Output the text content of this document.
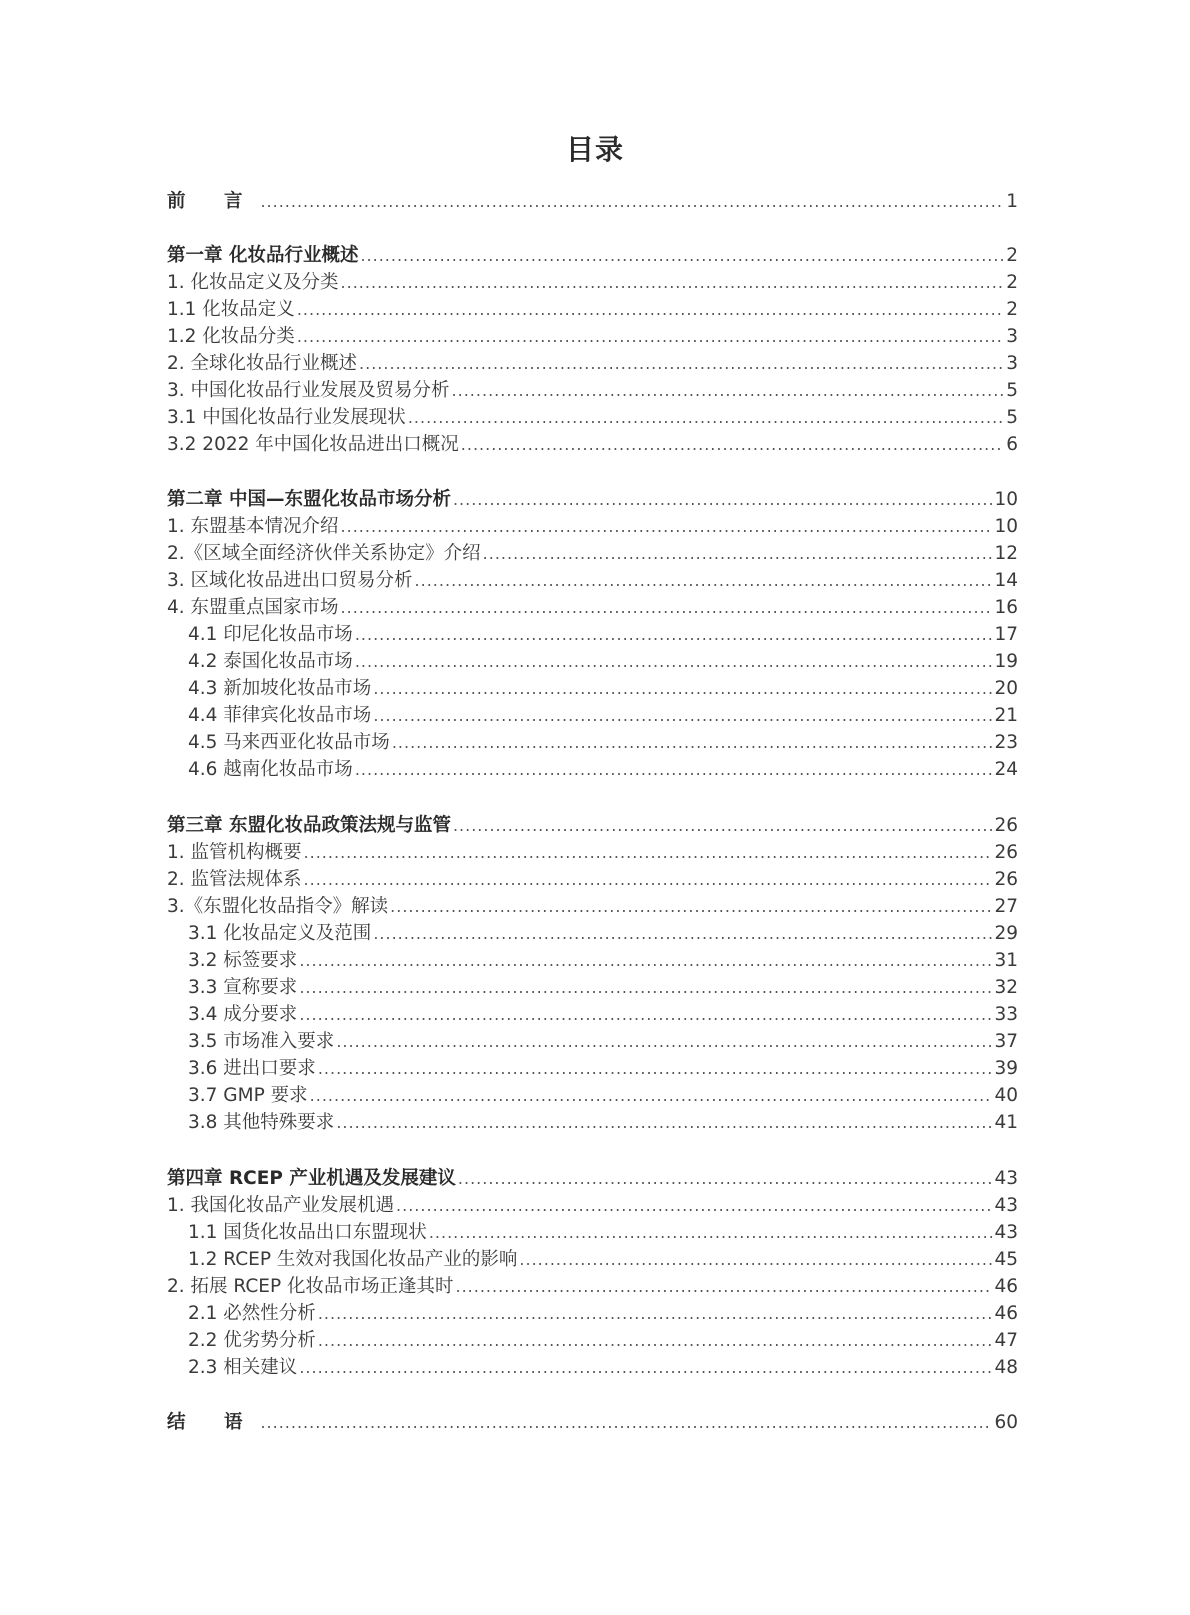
目录
前 言 .....	1
第一章 化妆品行业概述 .....	2
1. 化妆品定义及分类 .....	2
1.1 化妆品定义 .....	2
1.2 化妆品分类 .....	3
2. 全球化妆品行业概述 .....	3
3. 中国化妆品行业发展及贸易分析 .....	5
3.1 中国化妆品行业发展现状 .....	5
3.2 2022 年中国化妆品进出口概况 .....	6
第二章 中国—东盟化妆品市场分析 .....	10
1. 东盟基本情况介绍 .....	10
2.《区域全面经济伙伴关系协定》介绍 .....	12
3. 区域化妆品进出口贸易分析 .....	14
4. 东盟重点国家市场 .....	16
4.1 印尼化妆品市场 .....	17
4.2 泰国化妆品市场 .....	19
4.3 新加坡化妆品市场 .....	20
4.4 菲律宾化妆品市场 .....	21
4.5 马来西亚化妆品市场 .....	23
4.6 越南化妆品市场 .....	24
第三章 东盟化妆品政策法规与监管 .....	26
1. 监管机构概要 .....	26
2. 监管法规体系 .....	26
3.《东盟化妆品指令》解读 .....	27
3.1 化妆品定义及范围 .....	29
3.2 标签要求 .....	31
3.3 宣称要求 .....	32
3.4 成分要求 .....	33
3.5 市场准入要求 .....	37
3.6 进出口要求 .....	39
3.7 GMP 要求 .....	40
3.8 其他特殊要求 .....	41
第四章 RCEP 产业机遇及发展建议 .....	43
1. 我国化妆品产业发展机遇 .....	43
1.1 国货化妆品出口东盟现状 .....	43
1.2 RCEP 生效对我国化妆品产业的影响 .....	45
2. 拓展 RCEP 化妆品市场正逢其时 .....	46
2.1 必然性分析 .....	46
2.2 优劣势分析 .....	47
2.3 相关建议 .....	48
结 语 .....	60
